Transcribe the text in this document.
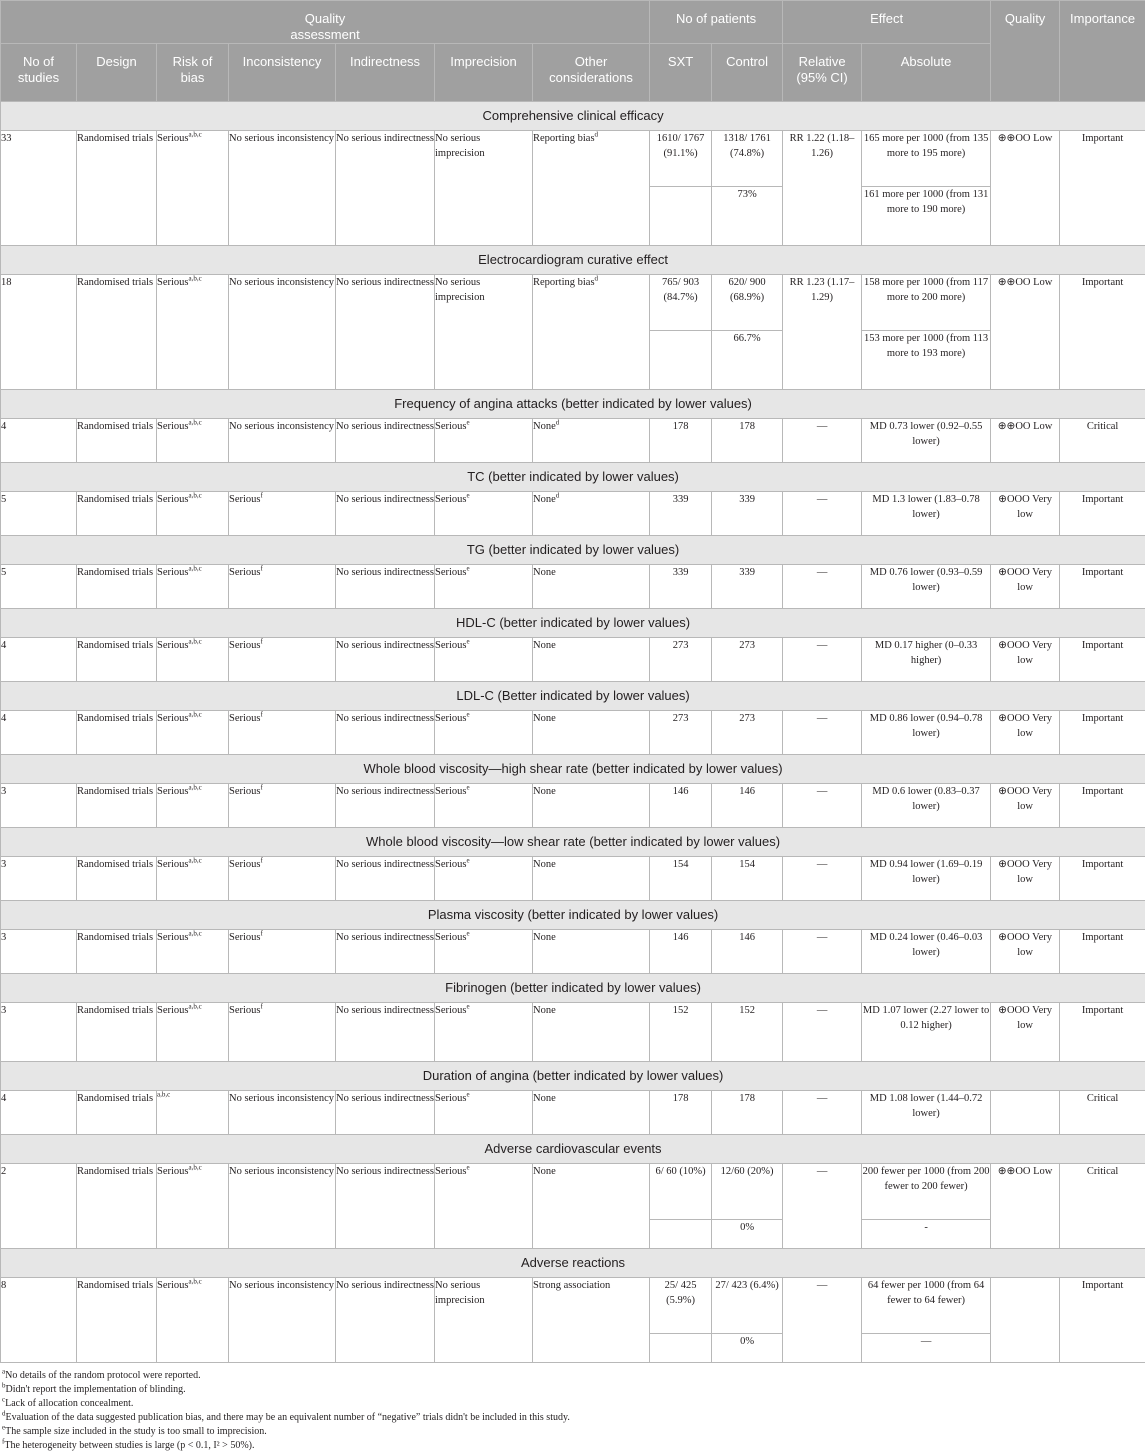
Quality assessment							No of patients		Effect		Quality	Importance

No of studies	Design	Risk of bias	Inconsistency	Indirectness	Imprecision	Other considerations	SXT	Control	Relative (95% CI)	Absolute		
Comprehensive clinical efficacy												
33	Randomised trials	Serious$^{a,b,c}$	No serious inconsistency	No serious indirectness	No serious imprecision	Reporting bias$^d$	1610/ 1767 (91.1%)	1318/ 1761 (74.8%)	RR 1.22 (1.18–1.26)	165 more per 1000 (from 135 more to 195 more)	⊕⊕OO Low	Important
								73%		161 more per 1000 (from 131 more to 190 more)		
Electrocardiogram curative effect												
18	Randomised trials	Serious$^{a,b,c}$	No serious inconsistency	No serious indirectness	No serious imprecision	Reporting bias$^d$	765/ 903 (84.7%)	620/ 900 (68.9%)	RR 1.23 (1.17–1.29)	158 more per 1000 (from 117 more to 200 more)	⊕⊕OO Low	Important
								66.7%		153 more per 1000 (from 113 more to 193 more)		
Frequency of angina attacks (better indicated by lower values)												
4	Randomised trials	Serious$^{a,b,c}$	No serious inconsistency	No serious indirectness	Serious$^e$	None$^d$	178	178	—	MD 0.73 lower (0.92–0.55 lower)	⊕⊕OO Low	Critical
TC (better indicated by lower values)												
5	Randomised trials	Serious$^{a,b,c}$	Serious$^f$	No serious indirectness	Serious$^e$	None$^d$	339	339	—	MD 1.3 lower (1.83–0.78 lower)	⊕OOO Very low	Important
TG (better indicated by lower values)												
5	Randomised trials	Serious$^{a,b,c}$	Serious$^f$	No serious indirectness	Serious$^e$	None	339	339	—	MD 0.76 lower (0.93–0.59 lower)	⊕OOO Very low	Important
HDL-C (better indicated by lower values)												
4	Randomised trials	Serious$^{a,b,c}$	Serious$^f$	No serious indirectness	Serious$^e$	None	273	273	—	MD 0.17 higher (0–0.33 higher)	⊕OOO Very low	Important
LDL-C (Better indicated by lower values)												
4	Randomised trials	Serious$^{a,b,c}$	Serious$^f$	No serious indirectness	Serious$^e$	None	273	273	—	MD 0.86 lower (0.94–0.78 lower)	⊕OOO Very low	Important
Whole blood viscosity—high shear rate (better indicated by lower values)												
3	Randomised trials	Serious$^{a,b,c}$	Serious$^f$	No serious indirectness	Serious$^e$	None	146	146	—	MD 0.6 lower (0.83–0.37 lower)	⊕OOO Very low	Important
Whole blood viscosity—low shear rate (better indicated by lower values)												
3	Randomised trials	Serious$^{a,b,c}$	Serious$^f$	No serious indirectness	Serious$^e$	None	154	154	—	MD 0.94 lower (1.69–0.19 lower)	⊕OOO Very low	Important
Plasma viscosity (better indicated by lower values)												
3	Randomised trials	Serious$^{a,b,c}$	Serious$^f$	No serious indirectness	Serious$^e$	None	146	146	—	MD 0.24 lower (0.46–0.03 lower)	⊕OOO Very low	Important
Fibrinogen (better indicated by lower values)												
3	Randomised trials	Serious$^{a,b,c}$	Serious$^f$	No serious indirectness	Serious$^e$	None	152	152	—	MD 1.07 lower (2.27 lower to 0.12 higher)	⊕OOO Very low	Important
Duration of angina (better indicated by lower values)												
4	Randomised trials	$^{a,b,c}$	No serious inconsistency	No serious indirectness	Serious$^e$	None	178	178	—	MD 1.08 lower (1.44–0.72 lower)		Critical
Adverse cardiovascular events												
2	Randomised trials	Serious$^{a,b,c}$	No serious inconsistency	No serious indirectness	Serious$^e$	None	6/ 60 (10%)	12/60 (20%)	—	200 fewer per 1000 (from 200 fewer to 200 fewer)	⊕⊕OO Low	Critical
								0%		-		
Adverse reactions												
8	Randomised trials	Serious$^{a,b,c}$	No serious inconsistency	No serious indirectness	No serious imprecision	Strong association	25/ 425 (5.9%)	27/ 423 (6.4%)	—	64 fewer per 1000 (from 64 fewer to 64 fewer)		Important
								0%		—		
$^a$No details of the random protocol were reported.
$^b$Didn't report the implementation of blinding.
$^c$Lack of allocation concealment.
$^d$Evaluation of the data suggested publication bias, and there may be an equivalent number of “negative” trials didn't be included in this study.
$^e$The sample size included in the study is too small to imprecision.
$^f$The heterogeneity between studies is large (p < 0.1, I² > 50%).
